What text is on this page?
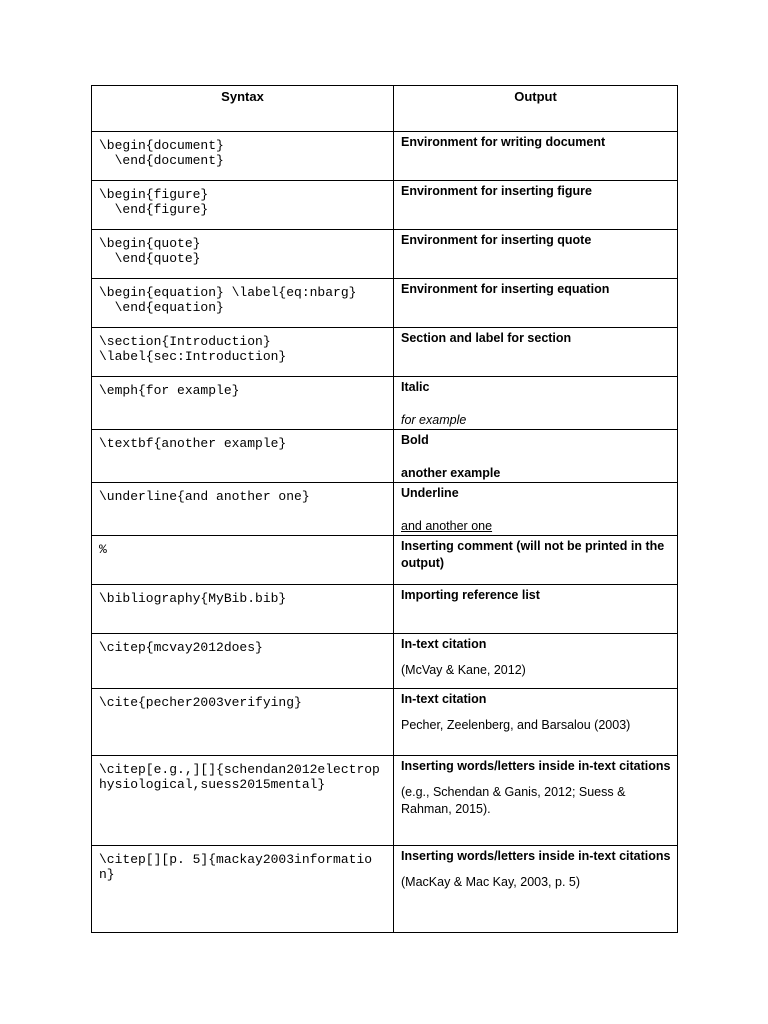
Syntax	Output

\begin{document}
\end{document}	Environment for writing document

\begin{figure}
\end{figure}	Environment for inserting figure

\begin{quote}
\end{quote}	Environment for inserting quote

\begin{equation} \label{eq:nbarg}
\end{equation}	Environment for inserting equation

\section{Introduction}
\label{sec:Introduction}	Section and label for section

\emph{for example}	Italic
for example

\textbf{another example}	Bold
another example

\underline{and another one}	Underline
and another one

%	Inserting comment (will not be printed in the output)

\bibliography{MyBib.bib}	Importing reference list

\citep{mcvay2012does}	In-text citation
(McVay & Kane, 2012)

\cite{pecher2003verifying}	In-text citation
Pecher, Zeelenberg, and Barsalou (2003)

\citep[e.g.,][]{schendan2012electrophysiological,suess2015mental}	Inserting words/letters inside in-text citations
(e.g., Schendan & Ganis, 2012; Suess & Rahman, 2015).

\citep[][p. 5]{mackay2003information}	Inserting words/letters inside in-text citations
(MacKay & Mac Kay, 2003, p. 5)
